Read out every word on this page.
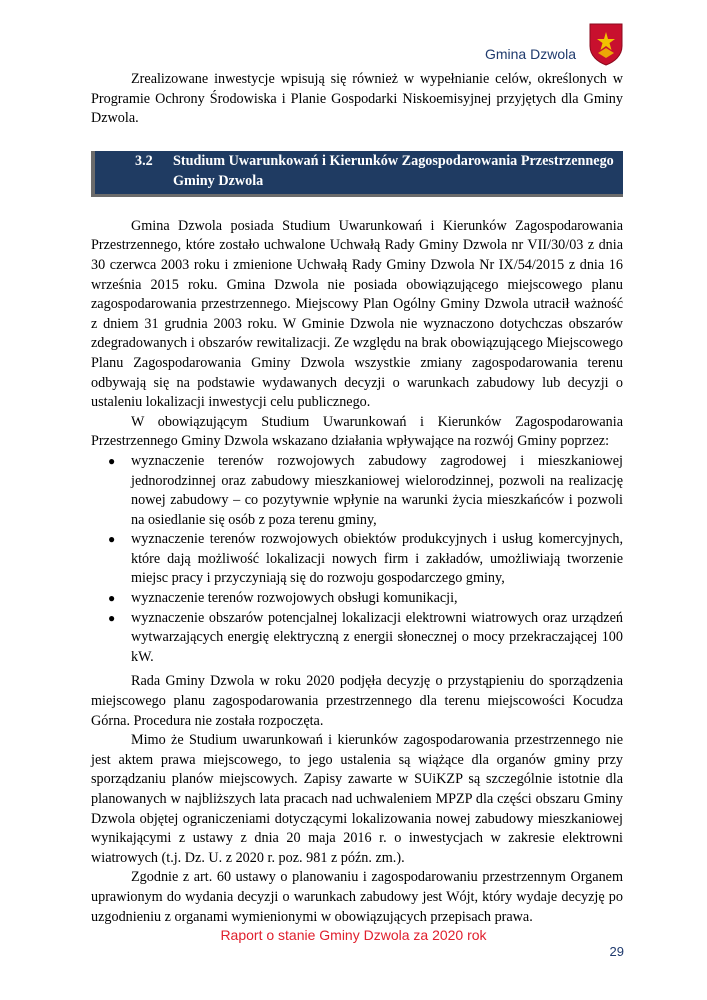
Gmina Dzwola

Zrealizowane inwestycje wpisują się również w wypełnianie celów, określonych w Programie Ochrony Środowiska i Planie Gospodarki Niskoemisyjnej przyjętych dla Gminy Dzwola.

3.2	Studium Uwarunkowań i Kierunków Zagospodarowania Przestrzennego Gminy Dzwola

Gmina Dzwola posiada Studium Uwarunkowań i Kierunków Zagospodarowania Przestrzennego, które zostało uchwalone Uchwałą Rady Gminy Dzwola nr VII/30/03 z dnia 30 czerwca 2003 roku i zmienione Uchwałą Rady Gminy Dzwola Nr IX/54/2015 z dnia 16 września 2015 roku. Gmina Dzwola nie posiada obowiązującego miejscowego planu zagospodarowania przestrzennego. Miejscowy Plan Ogólny Gminy Dzwola utracił ważność z dniem 31 grudnia 2003 roku. W Gminie Dzwola nie wyznaczono dotychczas obszarów zdegradowanych i obszarów rewitalizacji. Ze względu na brak obowiązującego Miejscowego Planu Zagospodarowania Gminy Dzwola wszystkie zmiany zagospodarowania terenu odbywają się na podstawie wydawanych decyzji o warunkach zabudowy lub decyzji o ustaleniu lokalizacji inwestycji celu publicznego.

W obowiązującym Studium Uwarunkowań i Kierunków Zagospodarowania Przestrzennego Gminy Dzwola wskazano działania wpływające na rozwój Gminy poprzez:

● wyznaczenie terenów rozwojowych zabudowy zagrodowej i mieszkaniowej jednorodzinnej oraz zabudowy mieszkaniowej wielorodzinnej, pozwoli na realizację nowej zabudowy – co pozytywnie wpłynie na warunki życia mieszkańców i pozwoli na osiedlanie się osób z poza terenu gminy,
● wyznaczenie terenów rozwojowych obiektów produkcyjnych i usług komercyjnych, które dają możliwość lokalizacji nowych firm i zakładów, umożliwiają tworzenie miejsc pracy i przyczyniają się do rozwoju gospodarczego gminy,
● wyznaczenie terenów rozwojowych obsługi komunikacji,
● wyznaczenie obszarów potencjalnej lokalizacji elektrowni wiatrowych oraz urządzeń wytwarzających energię elektryczną z energii słonecznej o mocy przekraczającej 100 kW.

Rada Gminy Dzwola w roku 2020 podjęła decyzję o przystąpieniu do sporządzenia miejscowego planu zagospodarowania przestrzennego dla terenu miejscowości Kocudza Górna. Procedura nie została rozpoczęta.

Mimo że Studium uwarunkowań i kierunków zagospodarowania przestrzennego nie jest aktem prawa miejscowego, to jego ustalenia są wiążące dla organów gminy przy sporządzaniu planów miejscowych. Zapisy zawarte w SUiKZP są szczególnie istotnie dla planowanych w najbliższych lata pracach nad uchwaleniem MPZP dla części obszaru Gminy Dzwola objętej ograniczeniami dotyczącymi lokalizowania nowej zabudowy mieszkaniowej wynikającymi z ustawy z dnia 20 maja 2016 r. o inwestycjach w zakresie elektrowni wiatrowych (t.j. Dz. U. z 2020 r. poz. 981 z późn. zm.).

Zgodnie z art. 60 ustawy o planowaniu i zagospodarowaniu przestrzennym Organem uprawionym do wydania decyzji o warunkach zabudowy jest Wójt, który wydaje decyzję po uzgodnieniu z organami wymienionymi w obowiązujących przepisach prawa.

Raport o stanie Gminy Dzwola za 2020 rok

29
